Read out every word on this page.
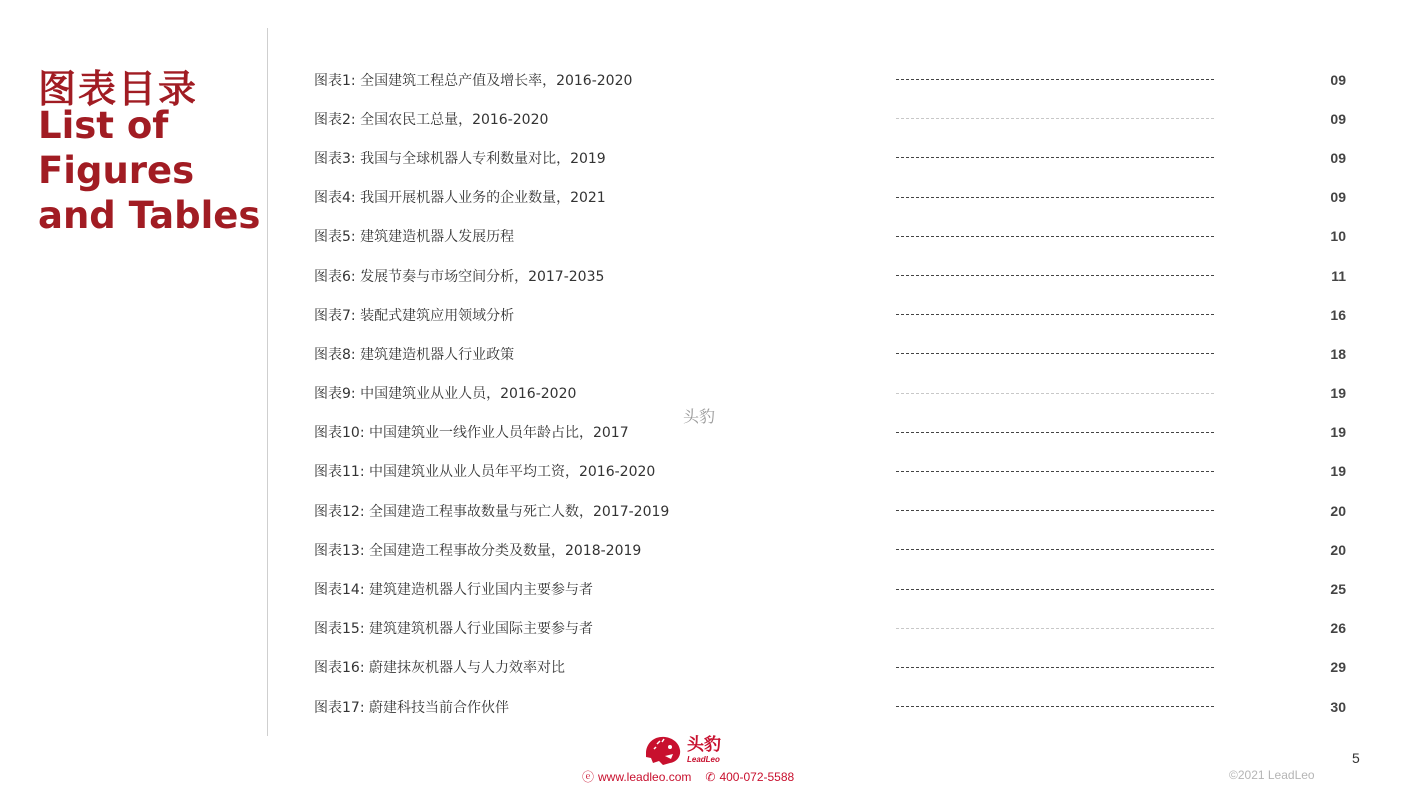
图表目录
List of Figures and Tables
图表1: 全国建筑工程总产值及增长率，2016-2020	09
图表2: 全国农民工总量，2016-2020	09
图表3: 我国与全球机器人专利数量对比，2019	09
图表4: 我国开展机器人业务的企业数量，2021	09
图表5: 建筑建造机器人发展历程	10
图表6: 发展节奏与市场空间分析，2017-2035	11
图表7: 装配式建筑应用领域分析	16
图表8: 建筑建造机器人行业政策	18
图表9: 中国建筑业从业人员，2016-2020	19
图表10: 中国建筑业一线作业人员年龄占比，2017	19
图表11: 中国建筑业从业人员年平均工资，2016-2020	19
图表12: 全国建造工程事故数量与死亡人数，2017-2019	20
图表13: 全国建造工程事故分类及数量，2018-2019	20
图表14: 建筑建造机器人行业国内主要参与者	25
图表15: 建筑建筑机器人行业国际主要参与者	26
图表16: 蔚建抹灰机器人与人力效率对比	29
图表17: 蔚建科技当前合作伙伴	30
头豹
头豹
LeadLeo
ⓔ www.leadleo.com ✆ 400-072-5588
5
©2021 LeadLeo
